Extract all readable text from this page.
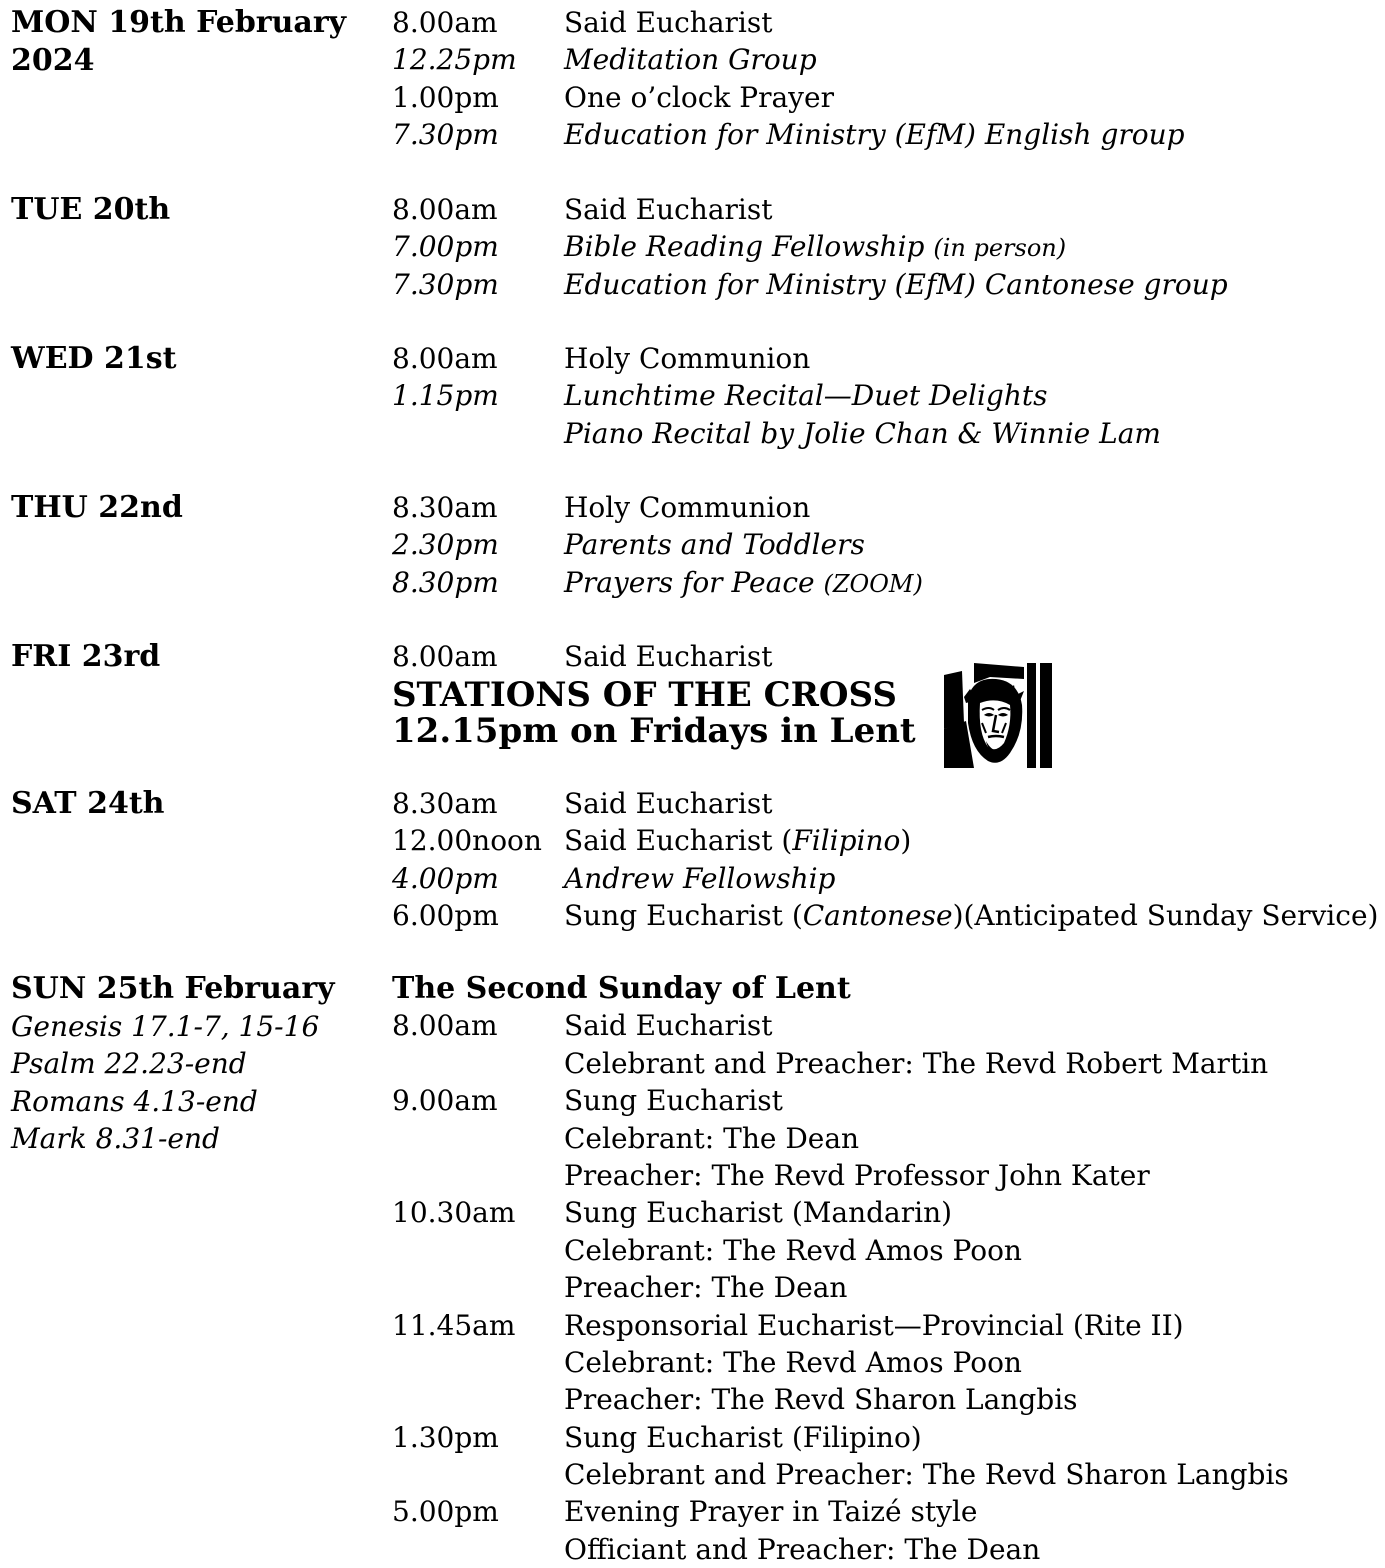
MON 19th February
2024
8.00am Said Eucharist
12.25pm Meditation Group
1.00pm One o’clock Prayer
7.30pm Education for Ministry (EfM) English group
TUE 20th	8.00am Said Eucharist
7.00pm Bible Reading Fellowship (in person)
7.30pm Education for Ministry (EfM) Cantonese group
WED 21st	8.00am Holy Communion
1.15pm Lunchtime Recital—Duet Delights
Piano Recital by Jolie Chan & Winnie Lam
THU 22nd	8.30am Holy Communion
2.30pm Parents and Toddlers
8.30pm Prayers for Peace (ZOOM)
FRI 23rd	8.00am Said Eucharist
STATIONS OF THE CROSS
12.15pm on Fridays in Lent
SAT 24th	8.30am Said Eucharist
12.00noon Said Eucharist (Filipino)
4.00pm Andrew Fellowship
6.00pm Sung Eucharist (Cantonese)(Anticipated Sunday Service)
SUN 25th February
Genesis 17.1-7, 15-16
Psalm 22.23-end
Romans 4.13-end
Mark 8.31-end
The Second Sunday of Lent
8.00am Said Eucharist
Celebrant and Preacher: The Revd Robert Martin
9.00am Sung Eucharist
Celebrant: The Dean
Preacher: The Revd Professor John Kater
10.30am Sung Eucharist (Mandarin)
Celebrant: The Revd Amos Poon
Preacher: The Dean
11.45am Responsorial Eucharist—Provincial (Rite II)
Celebrant: The Revd Amos Poon
Preacher: The Revd Sharon Langbis
1.30pm Sung Eucharist (Filipino)
Celebrant and Preacher: The Revd Sharon Langbis
5.00pm Evening Prayer in Taizé style
Officiant and Preacher: The Dean
